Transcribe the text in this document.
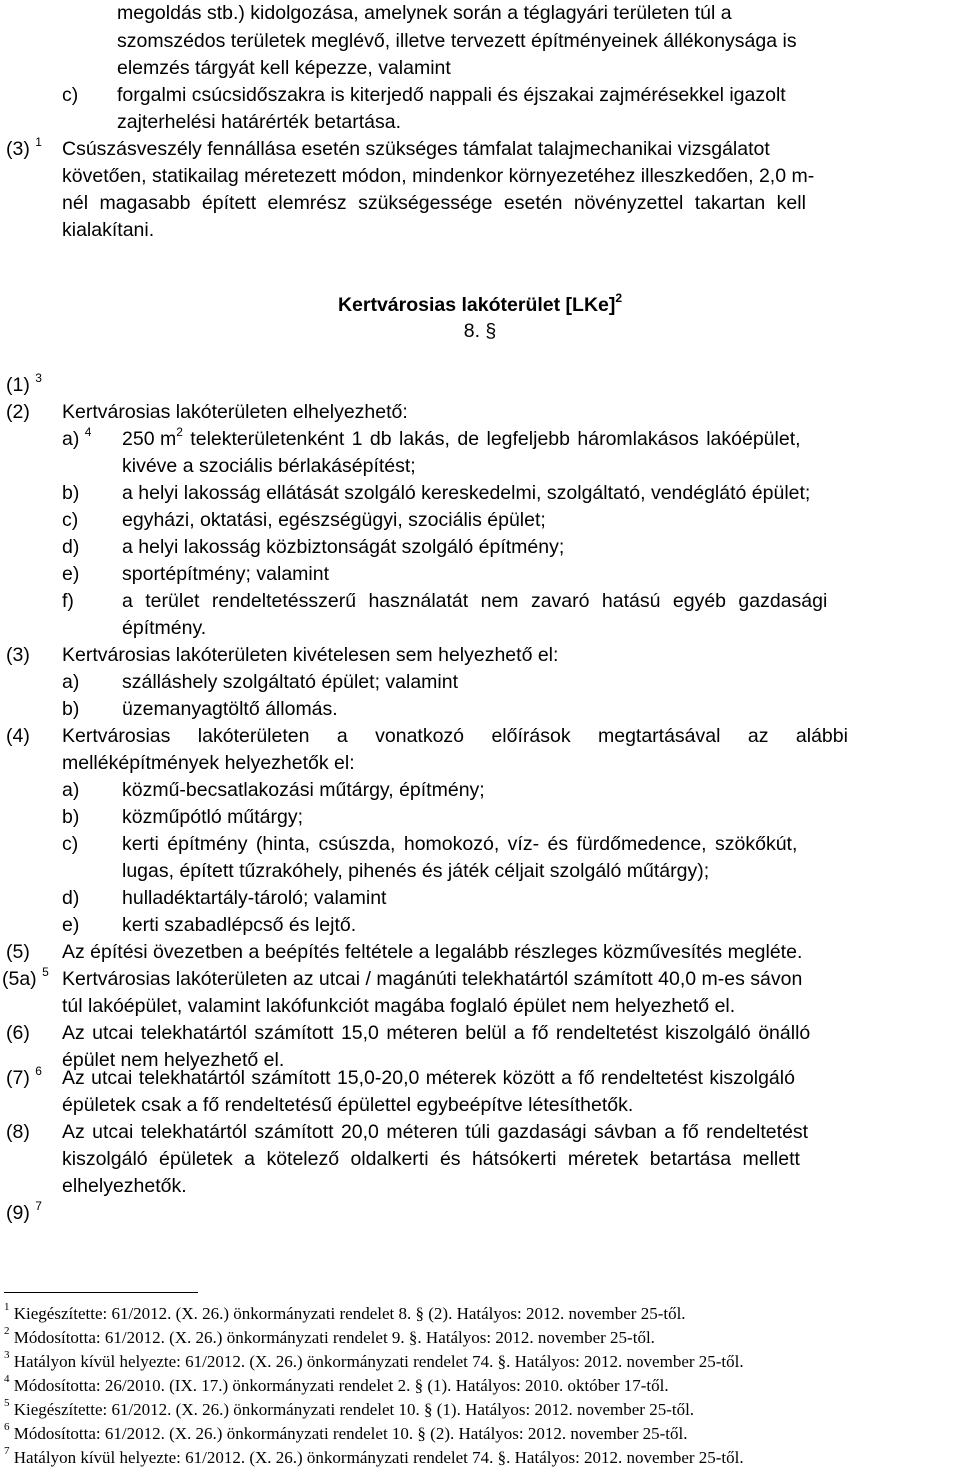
megoldás stb.) kidolgozása, amelynek során a téglagyári területen túl a
szomszédos területek meglévő, illetve tervezett építményeinek állékonysága is
elemzés tárgyát kell képezze, valamint
c) forgalmi csúcsidőszakra is kiterjedő nappali és éjszakai zajmérésekkel igazolt
zajterhelési határérték betartása.
(3) $^1$ Csúszásveszély fennállása esetén szükséges támfalat talajmechanikai vizsgálatot
követően, statikailag méretezett módon, mindenkor környezetéhez illeszkedően, 2,0 m-
nél magasabb épített elemrész szükségessége esetén növényzettel takartan kell
kialakítani.
Kertvárosias lakóterület [LKe]$^2$
8. §
(1) $^3$
(2) Kertvárosias lakóterületen elhelyezhető:
a) $^4$ 250 $m^2$ telekterületenként 1 db lakás, de legfeljebb háromlakásos lakóépület,
kivéve a szociális bérlakásépítést;
b) a helyi lakosság ellátását szolgáló kereskedelmi, szolgáltató, vendéglátó épület;
c) egyházi, oktatási, egészségügyi, szociális épület;
d) a helyi lakosság közbiztonságát szolgáló építmény;
e) sportépítmény; valamint
f) a terület rendeltetésszerű használatát nem zavaró hatású egyéb gazdasági
építmény.
(3) Kertvárosias lakóterületen kivételesen sem helyezhető el:
a) szálláshely szolgáltató épület; valamint
b) üzemanyagtöltő állomás.
(4) Kertvárosias lakóterületen a vonatkozó előírások megtartásával az alábbi
melléképítmények helyezhetők el:
a) közmű-becsatlakozási műtárgy, építmény;
b) közműpótló műtárgy;
c) kerti építmény (hinta, csúszda, homokozó, víz- és fürdőmedence, szökőkút,
lugas, épített tűzrakóhely, pihenés és játék céljait szolgáló műtárgy);
d) hulladéktartály-tároló; valamint
e) kerti szabadlépcső és lejtő.
(5) Az építési övezetben a beépítés feltétele a legalább részleges közművesítés megléte.
(5a) $^5$ Kertvárosias lakóterületen az utcai / magánúti telekhatártól számított 40,0 m-es sávon
túl lakóépület, valamint lakófunkciót magába foglaló épület nem helyezhető el.
(6) Az utcai telekhatártól számított 15,0 méteren belül a fő rendeltetést kiszolgáló önálló
épület nem helyezhető el.
(7) $^6$ Az utcai telekhatártól számított 15,0-20,0 méterek között a fő rendeltetést kiszolgáló
épületek csak a fő rendeltetésű épülettel egybeépítve létesíthetők.
(8) Az utcai telekhatártól számított 20,0 méteren túli gazdasági sávban a fő rendeltetést
kiszolgáló épületek a kötelező oldalkerti és hátsókerti méretek betartása mellett
elhelyezhetők.
(9) $^7$
$^1$ Kiegészítette: 61/2012. (X. 26.) önkormányzati rendelet 8. § (2). Hatályos: 2012. november 25-től.
$^2$ Módosította: 61/2012. (X. 26.) önkormányzati rendelet 9. §. Hatályos: 2012. november 25-től.
$^3$ Hatályon kívül helyezte: 61/2012. (X. 26.) önkormányzati rendelet 74. §. Hatályos: 2012. november 25-től.
$^4$ Módosította: 26/2010. (IX. 17.) önkormányzati rendelet 2. § (1). Hatályos: 2010. október 17-től.
$^5$ Kiegészítette: 61/2012. (X. 26.) önkormányzati rendelet 10. § (1). Hatályos: 2012. november 25-től.
$^6$ Módosította: 61/2012. (X. 26.) önkormányzati rendelet 10. § (2). Hatályos: 2012. november 25-től.
$^7$ Hatályon kívül helyezte: 61/2012. (X. 26.) önkormányzati rendelet 74. §. Hatályos: 2012. november 25-től.
